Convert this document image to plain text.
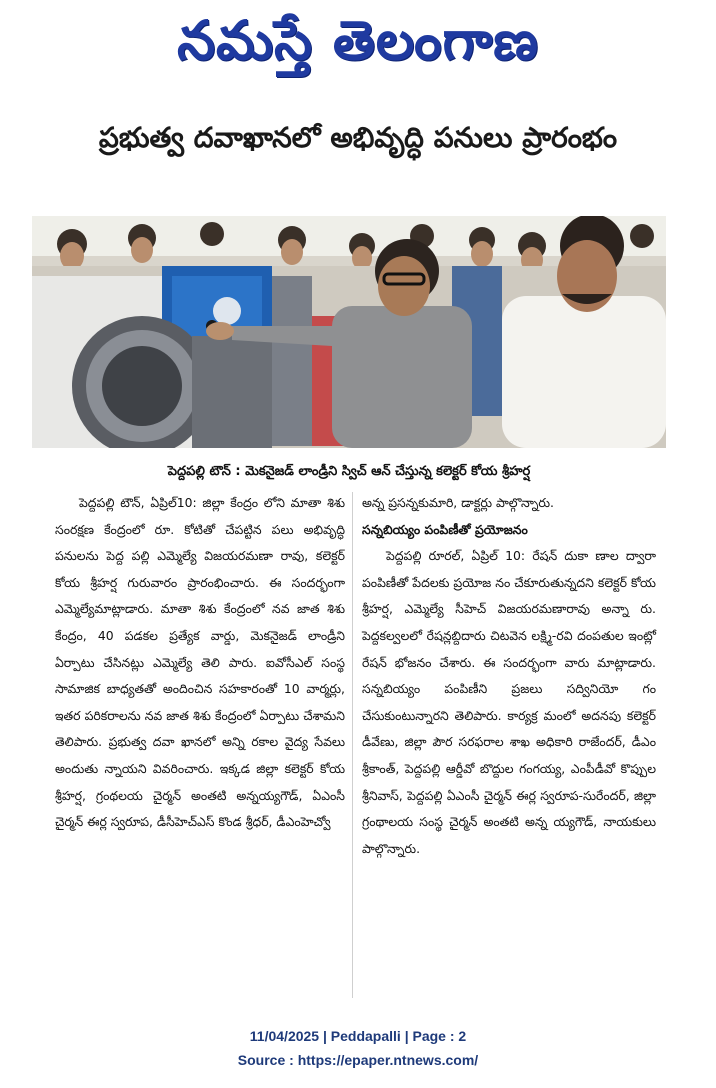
నమస్తే తెలంగాణ
ప్రభుత్వ దవాఖానలో అభివృద్ధి పనులు ప్రారంభం
పెద్దపల్లి టౌన్ : మెకనైజడ్ లాండ్రీని స్విచ్ ఆన్ చేస్తున్న కలెక్టర్ కోయ శ్రీహర్ష

పెద్దపల్లి టౌన్, ఏప్రిల్10: జిల్లా కేంద్రం లోని మాతా శిశు సంరక్షణ కేంద్రంలో రూ. కోటితో చేపట్టిన పలు అభివృద్ధి పనులను పెద్ద పల్లి ఎమ్మెల్యే విజయరమణా రావు, కలెక్టర్ కోయ శ్రీహర్ష గురువారం ప్రారంభించారు. ఈ సందర్భంగా ఎమ్మెల్యేమాట్లాడారు. మాతా శిశు కేంద్రంలో నవ జాత శిశు కేంద్రం, 40 పడకల ప్రత్యేక వార్డు, మెకనైజడ్ లాండ్రీని ఏర్పాటు చేసినట్లు ఎమ్మెల్యే తెలి పారు. ఐవోసీఎల్ సంస్థ సామాజిక బాధ్యతతో అందించిన సహకారంతో 10 వార్మర్లు, ఇతర పరికరాలను నవ జాత శిశు కేంద్రంలో ఏర్పాటు చేశామని తెలిపారు. ప్రభుత్వ దవా ఖానలో అన్ని రకాల వైద్య సేవలు అందుతు న్నాయని వివరించారు. ఇక్కడ జిల్లా కలెక్టర్ కోయ శ్రీహర్ష, గ్రంథలయ చైర్మన్ అంతటి అన్నయ్యగౌడ్, ఏఎంసీ చైర్మన్ ఈర్ల స్వరూప, డీసీహెచ్ఎస్ కొండ శ్రీధర్, డీఎంహెచ్వో

అన్న ప్రసన్నకుమారి, డాక్టర్లు పాల్గొన్నారు.

సన్నబియ్యం పంపిణీతో ప్రయోజనం

పెద్దపల్లి రూరల్, ఏప్రిల్ 10: రేషన్ దుకా ణాల ద్వారా పంపిణీతో పేదలకు ప్రయోజ నం చేకూరుతున్నదని కలెక్టర్ కోయ శ్రీహర్ష, ఎమ్మెల్యే సీహెచ్ విజయరమణారావు అన్నా రు. పెద్దకల్వలలో రేషన్లబ్దిదారు చిటవెన లక్ష్మి-రవి దంపతుల ఇంట్లో రేషన్ భోజనం చేశారు. ఈ సందర్భంగా వారు మాట్లాడారు. సన్నబియ్యం పంపిణీని ప్రజలు సద్వినియో గం చేసుకుంటున్నారని తెలిపారు. కార్యక్ర మంలో అదనపు కలెక్టర్ డీవేణు, జిల్లా పౌర సరఫరాల శాఖ అధికారి రాజేందర్, డీఎం శ్రీకాంత్, పెద్దపల్లి ఆర్డీవో బొద్దుల గంగయ్య, ఎంపీడీవో కొప్పుల శ్రీనివాస్, పెద్దపల్లి ఏఎంసీ చైర్మన్ ఈర్ల స్వరూప-సురేందర్, జిల్లా గ్రంథాలయ సంస్థ చైర్మన్ అంతటి అన్న య్యగౌడ్, నాయకులు పాల్గొన్నారు.

11/04/2025 | Peddapalli | Page : 2
Source : https://epaper.ntnews.com/
